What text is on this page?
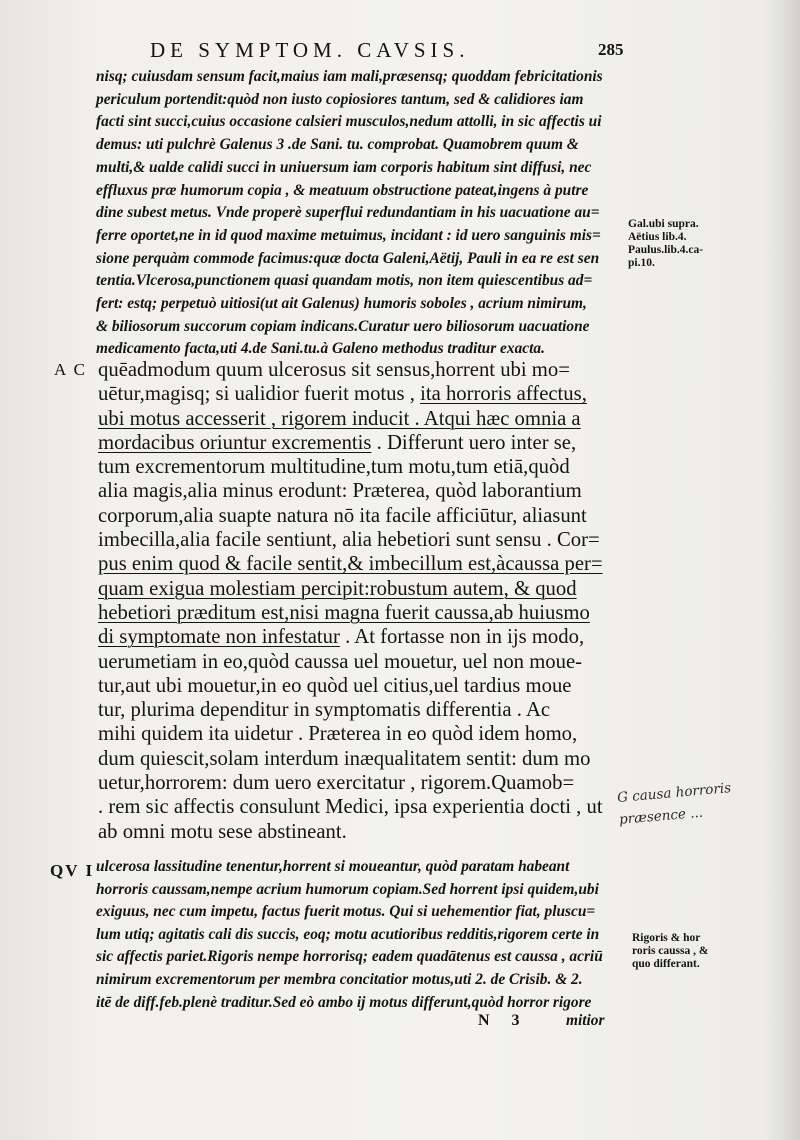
DE SYMPTOM. CAVSIS.	285
nisq; cuiusdam sensum facit,maius iam mali,præsensq; quoddam febricitationis
periculum portendit:quòd non iusto copiosiores tantum, sed & calidiores iam
facti sint succi,cuius occasione calsieri musculos,nedum attolli, in sic affectis ui
demus: uti pulchrè Galenus 3 .de Sani. tu. comprobat. Quamobrem quum &
multi,& ualde calidi succi in uniuersum iam corporis habitum sint diffusi, nec
effluxus præ humorum copia , & meatuum obstructione pateat,ingens à putre
dine subest metus. Vnde properè superflui redundantiam in his uacuatione au=
ferre oportet,ne in id quod maxime metuimus, incidant : id uero sanguinis mis=
sione perquàm commode facimus:quæ docta Galeni,Aëtij, Pauli in ea re est sen
tentia.Vlcerosa,punctionem quasi quandam motis, non item quiescentibus ad=
fert: estq; perpetuò uitiosi(ut ait Galenus) humoris soboles , acrium nimirum,
& biliosorum succorum copiam indicans.Curatur uero biliosorum uacuatione
medicamento facta,uti 4.de Sani.tu.à Galeno methodus traditur exacta.
A C quēadmodum quum ulcerosus sit sensus,horrent ubi mo=
uētur,magisq; si ualidior fuerit motus , ita horroris affectus,
ubi motus accesserit , rigorem inducit . Atqui hæc omnia a
mordacibus oriuntur excrementis . Differunt uero inter se,
tum excrementorum multitudine,tum motu,tum etiā,quòd
alia magis,alia minus erodunt: Præterea, quòd laborantium
corporum,alia suapte natura nō ita facile afficiūtur, aliasunt
imbecilla,alia facile sentiunt, alia hebetiori sunt sensu . Cor=
pus enim quod & facile sentit,& imbecillum est,àcaussa per=
quam exigua molestiam percipit:robustum autem, & quod
hebetiori præditum est,nisi magna fuerit caussa,ab huiusmo
di symptomate non infestatur . At fortasse non in ijs modo,
uerumetiam in eo,quòd caussa uel mouetur, uel non moue-
tur,aut ubi mouetur,in eo quòd uel citius,uel tardius moue
tur, plurima dependitur in symptomatis differentia . Ac
mihi quidem ita uidetur . Præterea in eo quòd idem homo,
dum quiescit,solam interdum inæqualitatem sentit: dum mo
uetur,horrorem: dum uero exercitatur , rigorem.Quamob=
. rem sic affectis consulunt Medici, ipsa experientia docti , ut
ab omni motu sese abstineant.
QV I ulcerosa lassitudine tenentur,horrent si moueantur, quòd paratam habeant
horroris caussam,nempe acrium humorum copiam.Sed horrent ipsi quidem,ubi
exiguus, nec cum impetu, factus fuerit motus. Qui si uehementior fiat, pluscu=
lum utiq; agitatis cali dis succis, eoq; motu acutioribus redditis,rigorem certe in
sic affectis pariet.Rigoris nempe horrorisq; eadem quadātenus est caussa , acriū
nimirum excrementorum per membra concitatior motus,uti 2. de Crisib. & 2.
itē de diff.feb.plenè traditur.Sed eò ambo ij motus differunt,quòd horror rigore
Gal.ubi supra.
Aëtius lib.4.
Paulus.lib.4.ca-
pi.10.
Rigoris & hor
roris caussa , &
quo differant.
G causa horroris
præsence ...
N 3 mitior
